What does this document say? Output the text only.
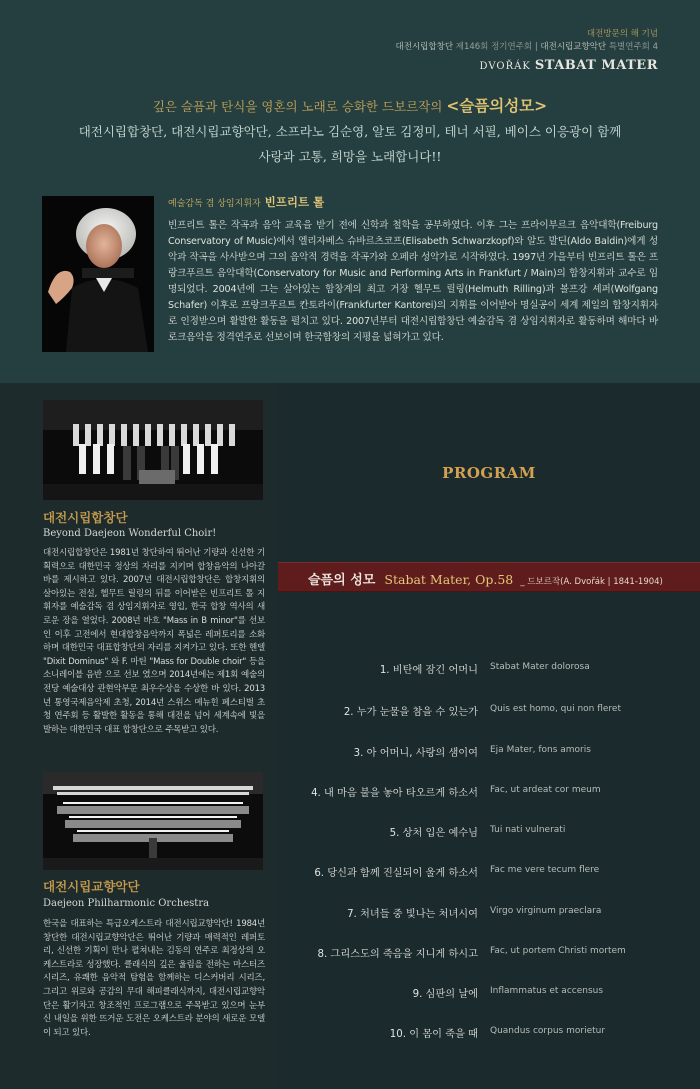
대전방문의 해 기념
대전시립합창단 제146회 정기연주회 | 대전시립교향악단 특별연주회 4
DVOŘÁK STABAT MATER
깊은 슬픔과 탄식을 영혼의 노래로 승화한 드보르작의 <슬픔의성모>
대전시립합창단, 대전시립교향악단, 소프라노 김순영, 알토 김정미, 테너 서필, 베이스 이응광이 함께
사랑과 고통, 희망을 노래합니다!!
예술감독 겸 상임지휘자 빈프리트 톨

빈프리트 톨은 작곡과 음악 교육을 받기 전에 신학과 철학을 공부하였다. 이후 그는 프라이부르크 음악대학(Freiburg Conservatory of Music)에서 엘리자베스 슈바르츠코프(Elisabeth Schwarzkopf)와 알도 발딘(Aldo Baldin)에게 성악과 작곡을 사사받으며 그의 음악적 경력을 작곡가와 오페라 성악가로 시작하였다. 1997년 가을부터 빈프리트 톨은 프랑크푸르트 음악대학(Conservatory for Music and Performing Arts in Frankfurt / Main)의 합창지휘과 교수로 임명되었다. 2004년에 그는 살아있는 합창계의 최고 거장 헬무트 릴링(Helmuth Rilling)과 볼프강 셰퍼(Wolfgang Schafer) 이후로 프랑크푸르트 칸토라이(Frankfurter Kantorei)의 지휘를 이어받아 명실공이 세계 제일의 합창지휘자로 인정받으며 활발한 활동을 펼치고 있다. 2007년부터 대전시립합창단 예술감독 겸 상임지휘자로 활동하며 해마다 바로크음악을 정격연주로 선보이며 한국합창의 지평을 넓혀가고 있다.

대전시립합창단
Beyond Daejeon Wonderful Choir!

대전시립합창단은 1981년 창단하여 뛰어난 기량과 신선한 기획력으로 대한민국 정상의 자리를 지키며 합창음악의 나아갈 바를 제시하고 있다. 2007년 대전시립합창단은 합창지휘의 살아있는 전설, 헬무트 릴링의 뒤를 이어받은 빈프리트 톨 지휘자를 예술감독 겸 상임지휘자로 영입, 한국 합창 역사의 새로운 장을 열었다. 2008년 바흐 "Mass in B minor"를 선보인 이후 고전에서 현대합창음악까지 폭넓은 레퍼토리를 소화하며 대한민국 대표합창단의 자리를 지켜가고 있다. 또한 헨델 "Dixit Dominus" 와 F. 마틴 "Mass for Double choir" 등을 소니레이블 음반 으로 선보 였으며 2014년에는 제1회 예술의전당 예술대상 관현악부문 최우수상을 수상한 바 있다. 2013년 통영국제음악제 초청, 2014년 스위스 메뉴힌 페스티벌 초청 연주회 등 활발한 활동을 통해 대전을 넘어 세계속에 빛을 발하는 대한민국 대표 합창단으로 주목받고 있다.

대전시립교향악단
Daejeon Philharmonic Orchestra

한국을 대표하는 특급오케스트라 대전시립교향악단! 1984년 창단한 대전시립교향악단은 뛰어난 기량과 매력적인 레퍼토리, 신선한 기획이 만나 펼쳐내는 김동의 연주로 최정상의 오케스트라로 성장했다. 클래식의 깊은 울림을 전하는 마스터즈 시리즈, 유쾌한 음악적 탐험을 함께하는 디스커버리 시리즈, 그리고 위로와 공감의 무대 해피클래식까지, 대전시립교향악단은 활기차고 창조적인 프로그램으로 주목받고 있으며 눈부신 내일을 위한 뜨거운 도전은 오케스트라 분야의 새로운 모델이 되고 있다.

PROGRAM
슬픔의 성모 Stabat Mater, Op.58 _ 드보르작(A. Dvořák | 1841-1904)
1. 비탄에 잠긴 어머니 Stabat Mater dolorosa
2. 누가 눈물을 참을 수 있는가 Quis est homo, qui non fleret
3. 아 어머니, 사랑의 샘이여 Eja Mater, fons amoris
4. 내 마음 불을 놓아 타오르게 하소서 Fac, ut ardeat cor meum
5. 상처 입은 예수님 Tui nati vulnerati
6. 당신과 함께 진실되이 울게 하소서 Fac me vere tecum flere
7. 처녀들 중 빛나는 처녀시여 Virgo virginum praeclara
8. 그리스도의 죽음을 지니게 하시고 Fac, ut portem Christi mortem
9. 심판의 날에 Inflammatus et accensus
10. 이 몸이 죽을 때 Quandus corpus morietur
